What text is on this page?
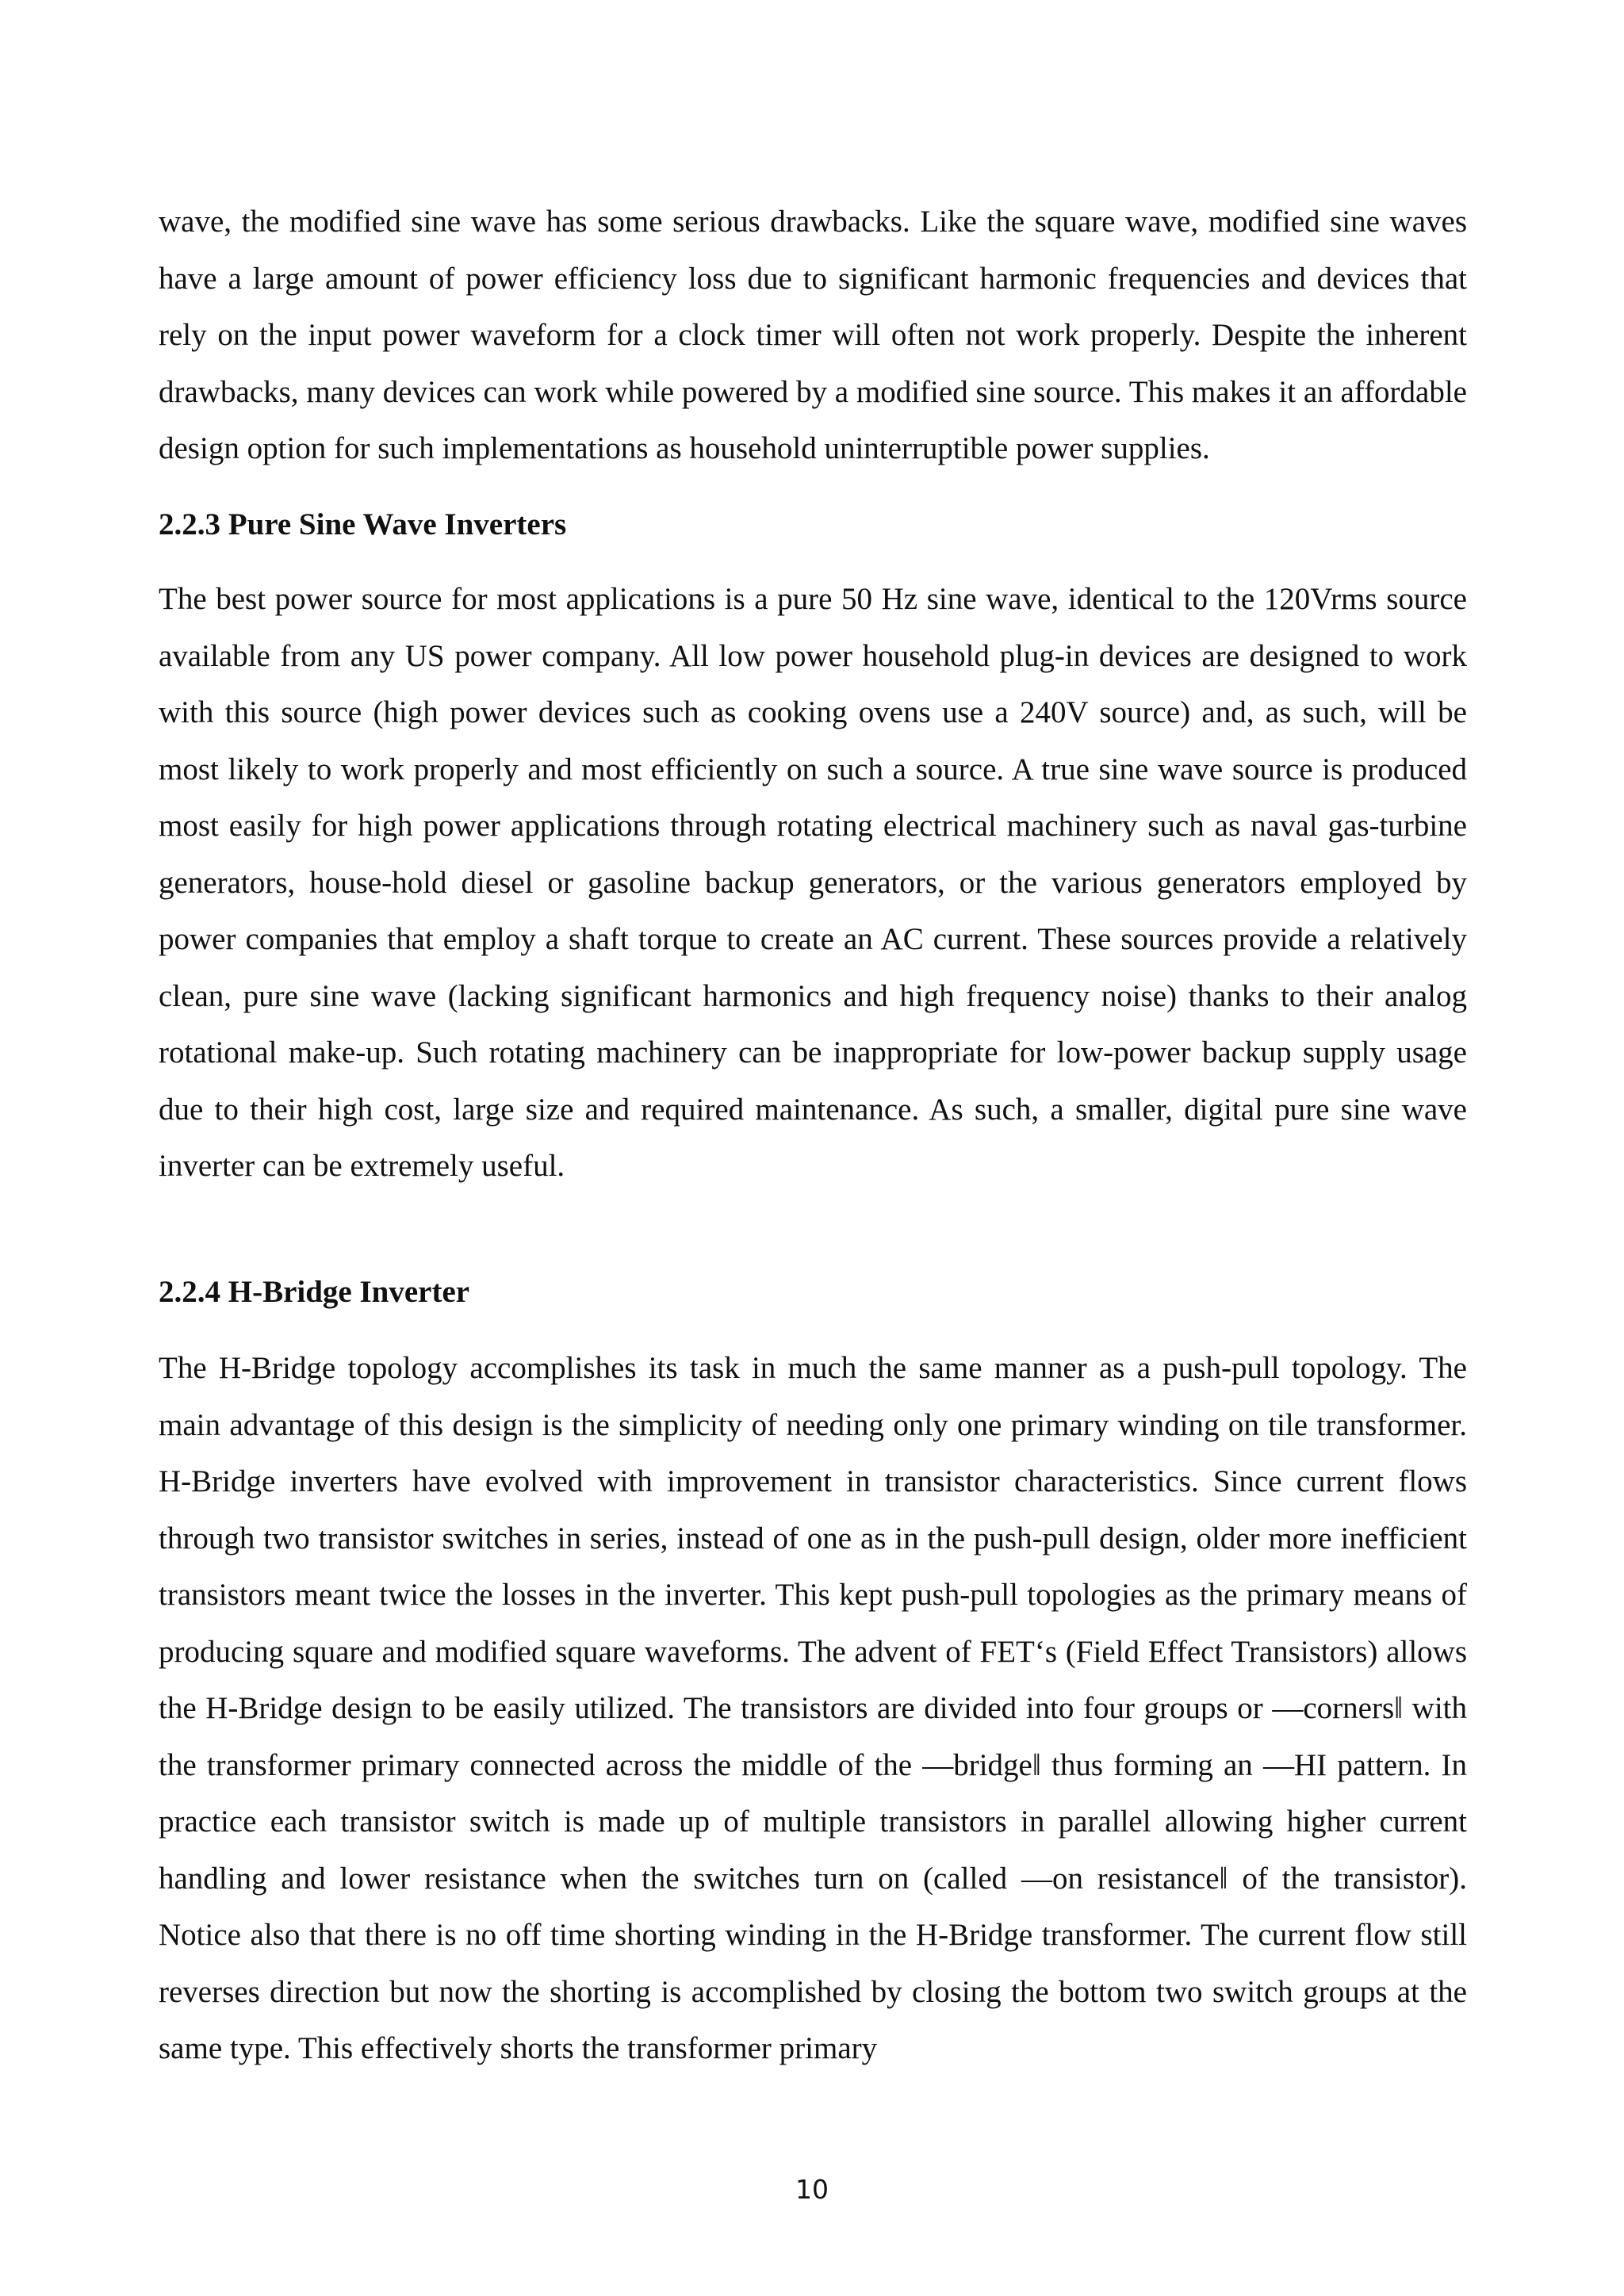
wave, the modified sine wave has some serious drawbacks. Like the square wave, modified sine waves have a large amount of power efficiency loss due to significant harmonic frequencies and devices that rely on the input power waveform for a clock timer will often not work properly. Despite the inherent drawbacks, many devices can work while powered by a modified sine source. This makes it an affordable design option for such implementations as household uninterruptible power supplies.

2.2.3 Pure Sine Wave Inverters

The best power source for most applications is a pure 50 Hz sine wave, identical to the 120Vrms source available from any US power company. All low power household plug-in devices are designed to work with this source (high power devices such as cooking ovens use a 240V source) and, as such, will be most likely to work properly and most efficiently on such a source. A true sine wave source is produced most easily for high power applications through rotating electrical machinery such as naval gas-turbine generators, house-hold diesel or gasoline backup generators, or the various generators employed by power companies that employ a shaft torque to create an AC current. These sources provide a relatively clean, pure sine wave (lacking significant harmonics and high frequency noise) thanks to their analog rotational make-up. Such rotating machinery can be inappropriate for low-power backup supply usage due to their high cost, large size and required maintenance. As such, a smaller, digital pure sine wave inverter can be extremely useful.

2.2.4 H-Bridge Inverter

The H-Bridge topology accomplishes its task in much the same manner as a push-pull topology. The main advantage of this design is the simplicity of needing only one primary winding on tile transformer. H-Bridge inverters have evolved with improvement in transistor characteristics. Since current flows through two transistor switches in series, instead of one as in the push-pull design, older more inefficient transistors meant twice the losses in the inverter. This kept push-pull topologies as the primary means of producing square and modified square waveforms. The advent of FET‘s (Field Effect Transistors) allows the H-Bridge design to be easily utilized. The transistors are divided into four groups or ―corners‖ with the transformer primary connected across the middle of the ―bridge‖ thus forming an ―HI pattern. In practice each transistor switch is made up of multiple transistors in parallel allowing higher current handling and lower resistance when the switches turn on (called ―on resistance‖ of the transistor). Notice also that there is no off time shorting winding in the H-Bridge transformer. The current flow still reverses direction but now the shorting is accomplished by closing the bottom two switch groups at the same type. This effectively shorts the transformer primary

10
